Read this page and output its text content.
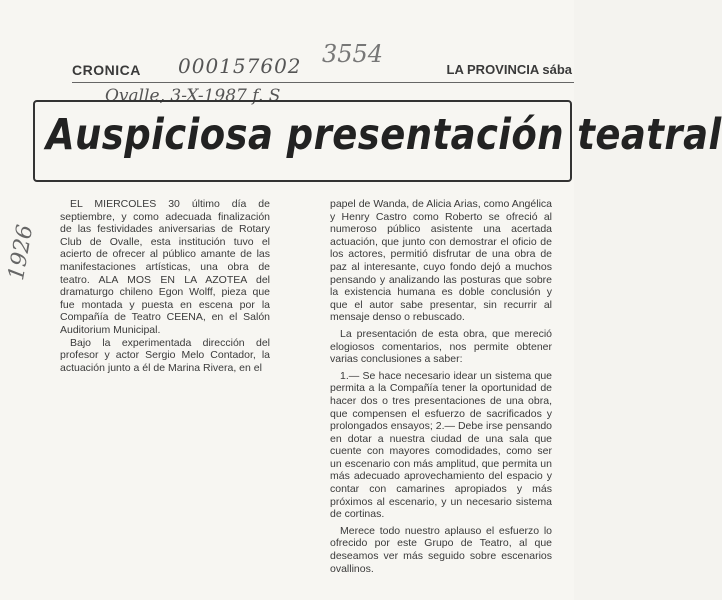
CRONICA	LA PROVINCIA sába
000157602 3554
Ovalle, 3-X-1987 f. S
1926
Auspiciosa presentación teatral

EL MIERCOLES 30 último día de septiembre, y como adecuada finalización de las festividades aniversarias de Rotary Club de Ovalle, esta institución tuvo el acierto de ofrecer al público amante de las manifestaciones artísticas, una obra de teatro. ALA MOS EN LA AZOTEA del dramaturgo chileno Egon Wolff, pieza que fue montada y puesta en escena por la Compañía de Teatro CEENA, en el Salón Auditorium Municipal.

Bajo la experimentada dirección del profesor y actor Sergio Melo Contador, la actuación junto a él de Marina Rivera, en el

papel de Wanda, de Alicia Arias, como Angélica y Henry Castro como Roberto se ofreció al numeroso público asistente una acertada actuación, que junto con demostrar el oficio de los actores, permitió disfrutar de una obra de paz al interesante, cuyo fondo dejó a muchos pensando y analizando las posturas que sobre la existencia humana es doble conclusión y que el autor sabe presentar, sin recurrir al mensaje denso o rebuscado.

La presentación de esta obra, que mereció elogiosos comentarios, nos permite obtener varias conclusiones a saber:

1.— Se hace necesario idear un sistema que permita a la Compañía tener la oportunidad de hacer dos o tres presentaciones de una obra, que compensen el esfuerzo de sacrificados y prolongados ensayos; 2.— Debe irse pensando en dotar a nuestra ciudad de una sala que cuente con mayores comodidades, como ser un escenario con más amplitud, que permita un más adecuado aprovechamiento del espacio y contar con camarines apropiados y más próximos al escenario, y un necesario sistema de cortinas.

Merece todo nuestro aplauso el esfuerzo lo ofrecido por este Grupo de Teatro, al que deseamos ver más seguido sobre escenarios ovallinos.
